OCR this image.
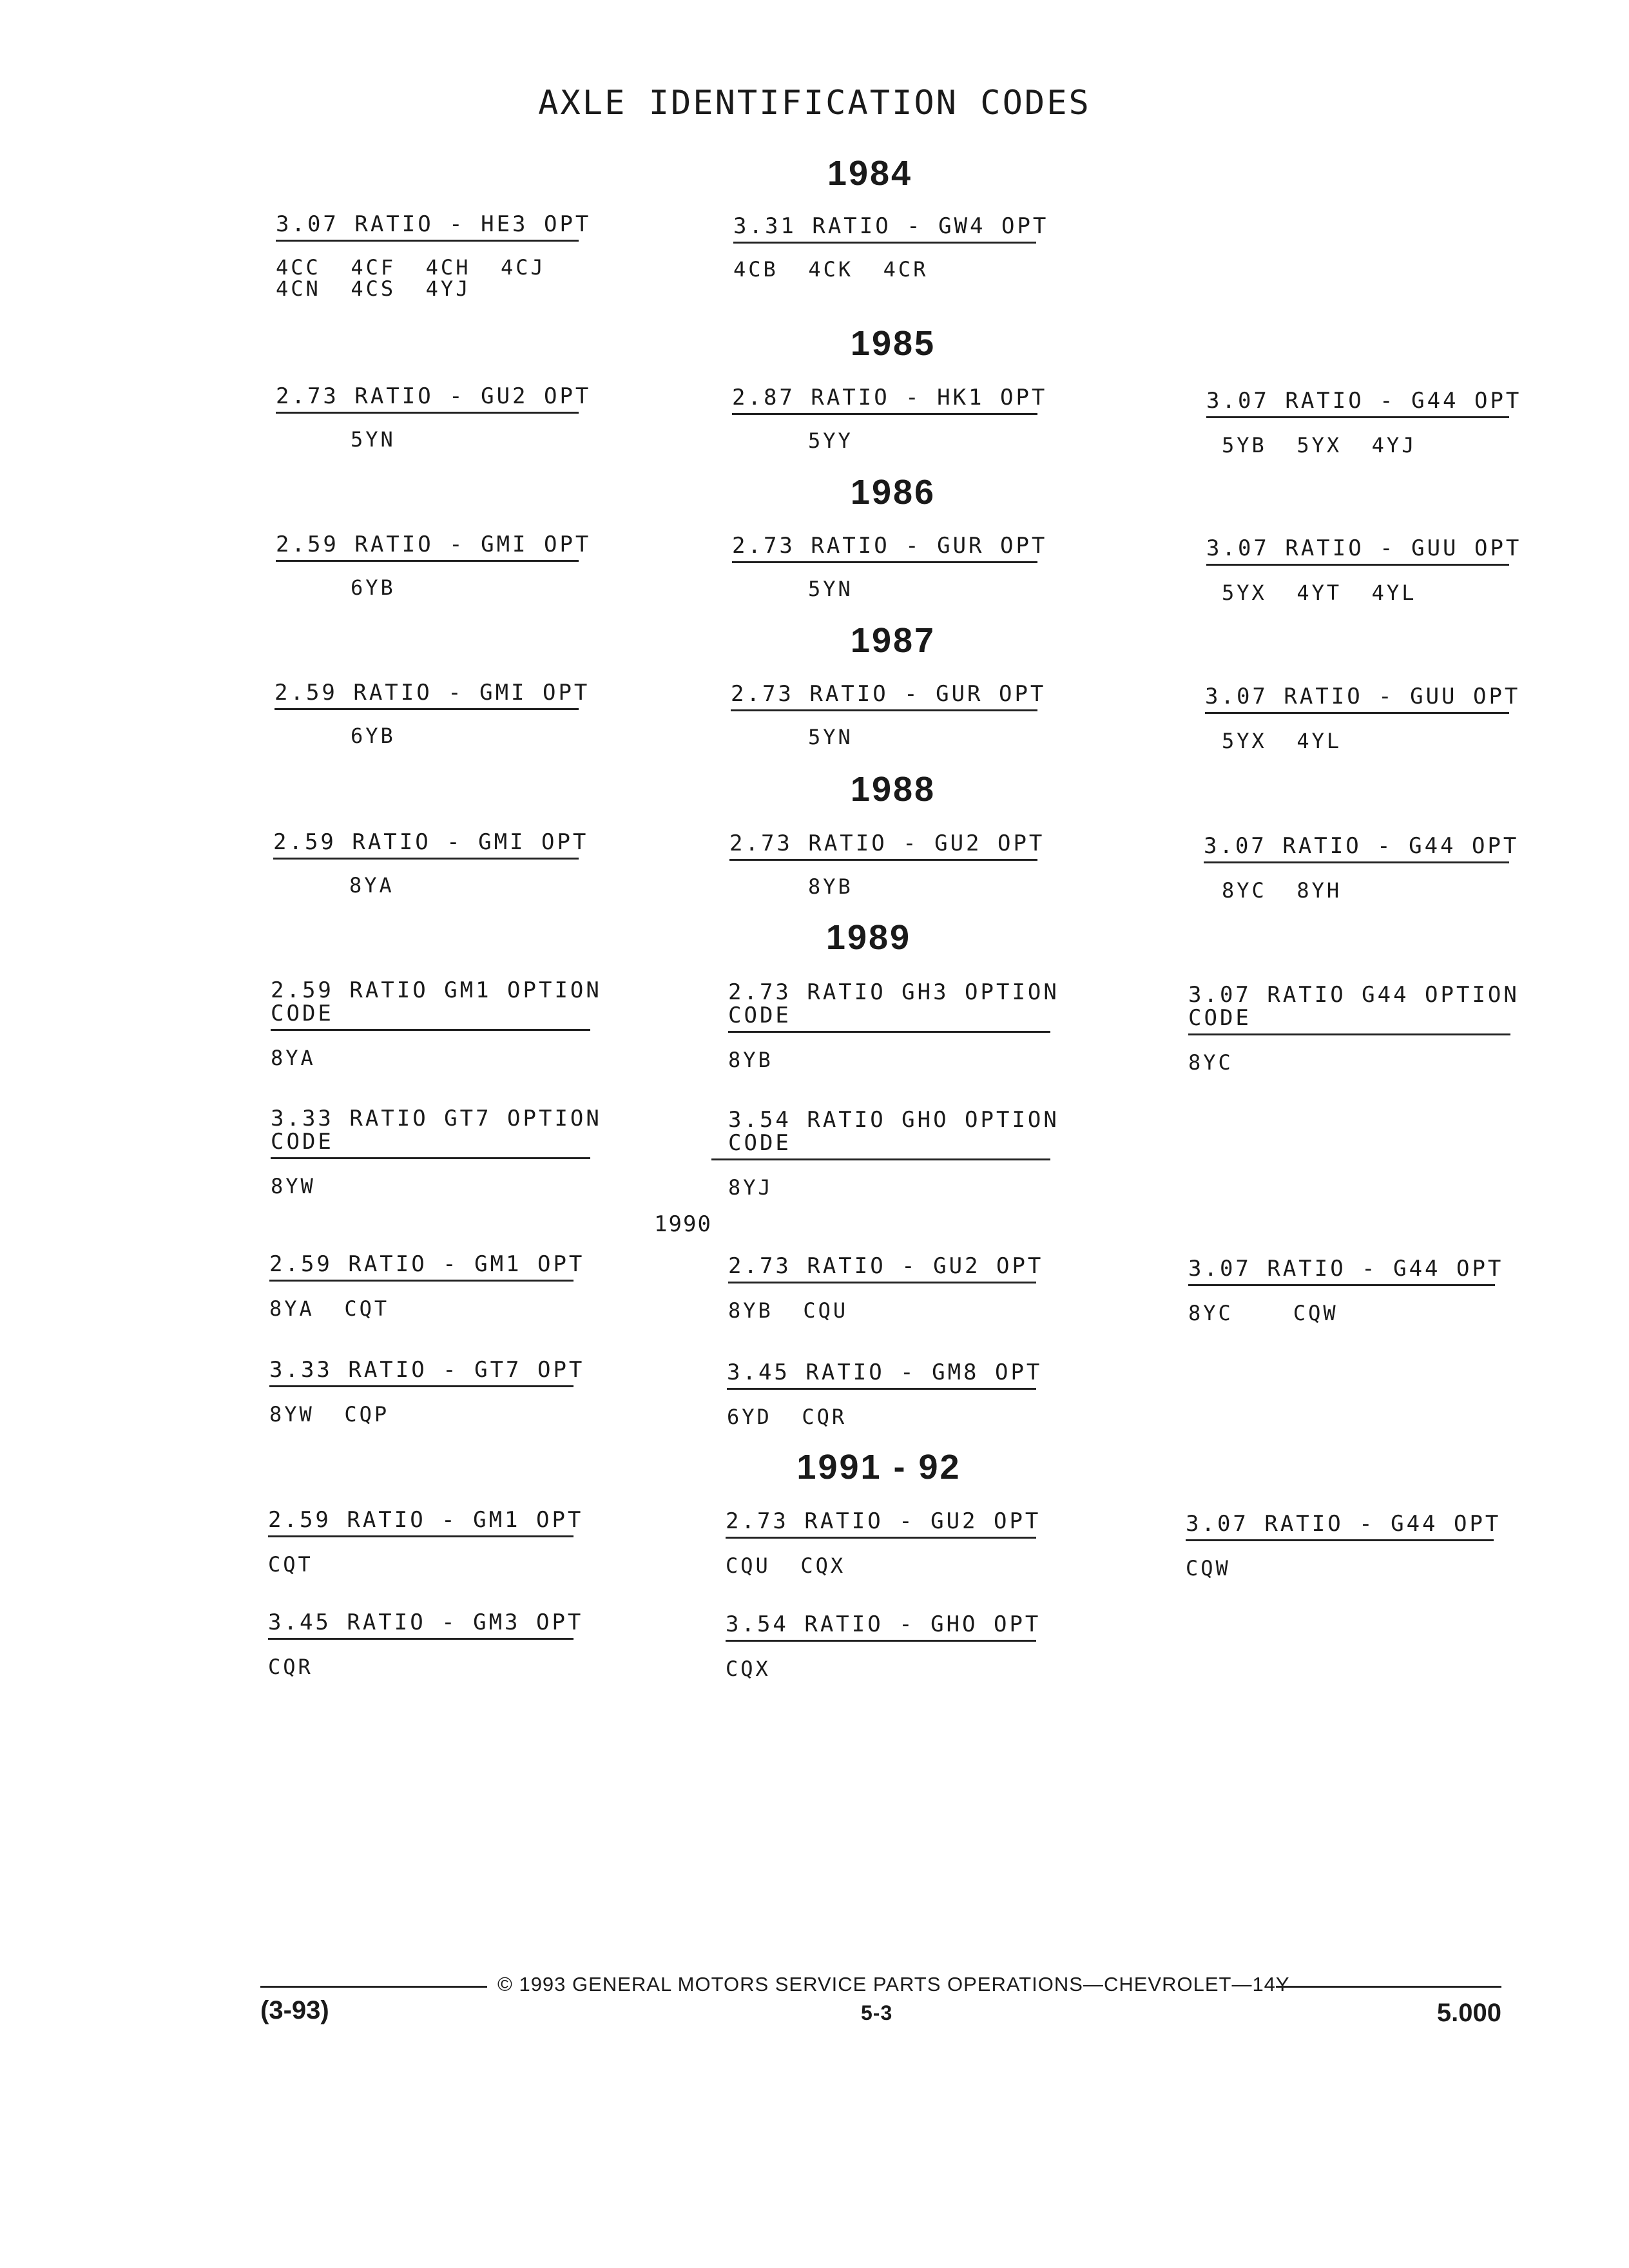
AXLE IDENTIFICATION CODES
1984
3.07 RATIO - HE3 OPT
4CC  4CF  4CH  4CJ
4CN  4CS  4YJ
3.31 RATIO - GW4 OPT
4CB  4CK  4CR
1985
2.73 RATIO - GU2 OPT
5YN
2.87 RATIO - HK1 OPT
5YY
3.07 RATIO - G44 OPT
5YB  5YX  4YJ
1986
2.59 RATIO - GMI OPT
6YB
2.73 RATIO - GUR OPT
5YN
3.07 RATIO - GUU OPT
5YX  4YT  4YL
1987
2.59 RATIO - GMI OPT
6YB
2.73 RATIO - GUR OPT
5YN
3.07 RATIO - GUU OPT
5YX  4YL
1988
2.59 RATIO - GMI OPT
8YA
2.73 RATIO - GU2 OPT
8YB
3.07 RATIO - G44 OPT
8YC  8YH
1989
2.59 RATIO GM1 OPTION
CODE
8YA
2.73 RATIO GH3 OPTION
CODE
8YB
3.07 RATIO G44 OPTION
CODE
8YC
3.33 RATIO GT7 OPTION
CODE
8YW
3.54 RATIO GHO OPTION
CODE
8YJ
1990
2.59 RATIO - GM1 OPT
8YA  CQT
2.73 RATIO - GU2 OPT
8YB  CQU
3.07 RATIO - G44 OPT
8YC    CQW
3.33 RATIO - GT7 OPT
8YW  CQP
3.45 RATIO - GM8 OPT
6YD  CQR
1991 - 92
2.59 RATIO - GM1 OPT
CQT
2.73 RATIO - GU2 OPT
CQU  CQX
3.07 RATIO - G44 OPT
CQW
3.45 RATIO - GM3 OPT
CQR
3.54 RATIO - GHO OPT
CQX
© 1993 GENERAL MOTORS SERVICE PARTS OPERATIONS—CHEVROLET—14Y
(3-93)	5-3	5.000
